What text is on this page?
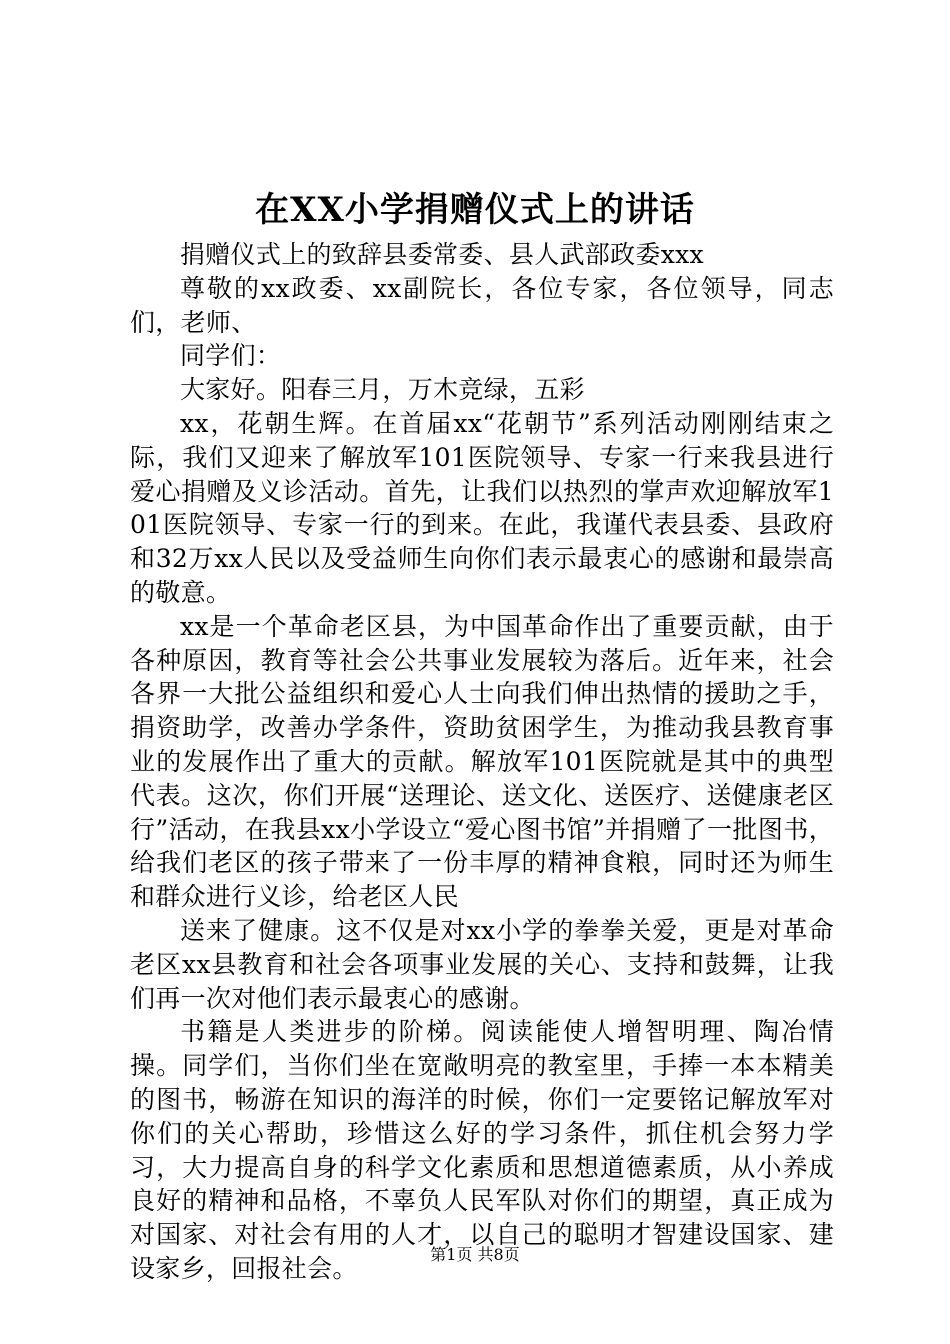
在XX小学捐赠仪式上的讲话

捐赠仪式上的致辞县委常委、县人武部政委xxx

尊敬的xx政委、xx副院长，各位专家，各位领导，同志们，老师、

同学们：

大家好。阳春三月，万木竞绿，五彩

xx，花朝生辉。在首届xx“花朝节”系列活动刚刚结束之际，我们又迎来了解放军101医院领导、专家一行来我县进行爱心捐赠及义诊活动。首先，让我们以热烈的掌声欢迎解放军101医院领导、专家一行的到来。在此，我谨代表县委、县政府和32万xx人民以及受益师生向你们表示最衷心的感谢和最崇高的敬意。

xx是一个革命老区县，为中国革命作出了重要贡献，由于各种原因，教育等社会公共事业发展较为落后。近年来，社会各界一大批公益组织和爱心人士向我们伸出热情的援助之手，捐资助学，改善办学条件，资助贫困学生，为推动我县教育事业的发展作出了重大的贡献。解放军101医院就是其中的典型代表。这次，你们开展“送理论、送文化、送医疗、送健康老区行”活动，在我县xx小学设立“爱心图书馆”并捐赠了一批图书，给我们老区的孩子带来了一份丰厚的精神食粮，同时还为师生和群众进行义诊，给老区人民

送来了健康。这不仅是对xx小学的拳拳关爱，更是对革命老区xx县教育和社会各项事业发展的关心、支持和鼓舞，让我们再一次对他们表示最衷心的感谢。

书籍是人类进步的阶梯。阅读能使人增智明理、陶冶情操。同学们，当你们坐在宽敞明亮的教室里，手捧一本本精美的图书，畅游在知识的海洋的时候，你们一定要铭记解放军对你们的关心帮助，珍惜这么好的学习条件，抓住机会努力学习，大力提高自身的科学文化素质和思想道德素质，从小养成良好的精神和品格，不辜负人民军队对你们的期望，真正成为对国家、对社会有用的人才，以自己的聪明才智建设国家、建设家乡，回报社会。	第1页 共8页
